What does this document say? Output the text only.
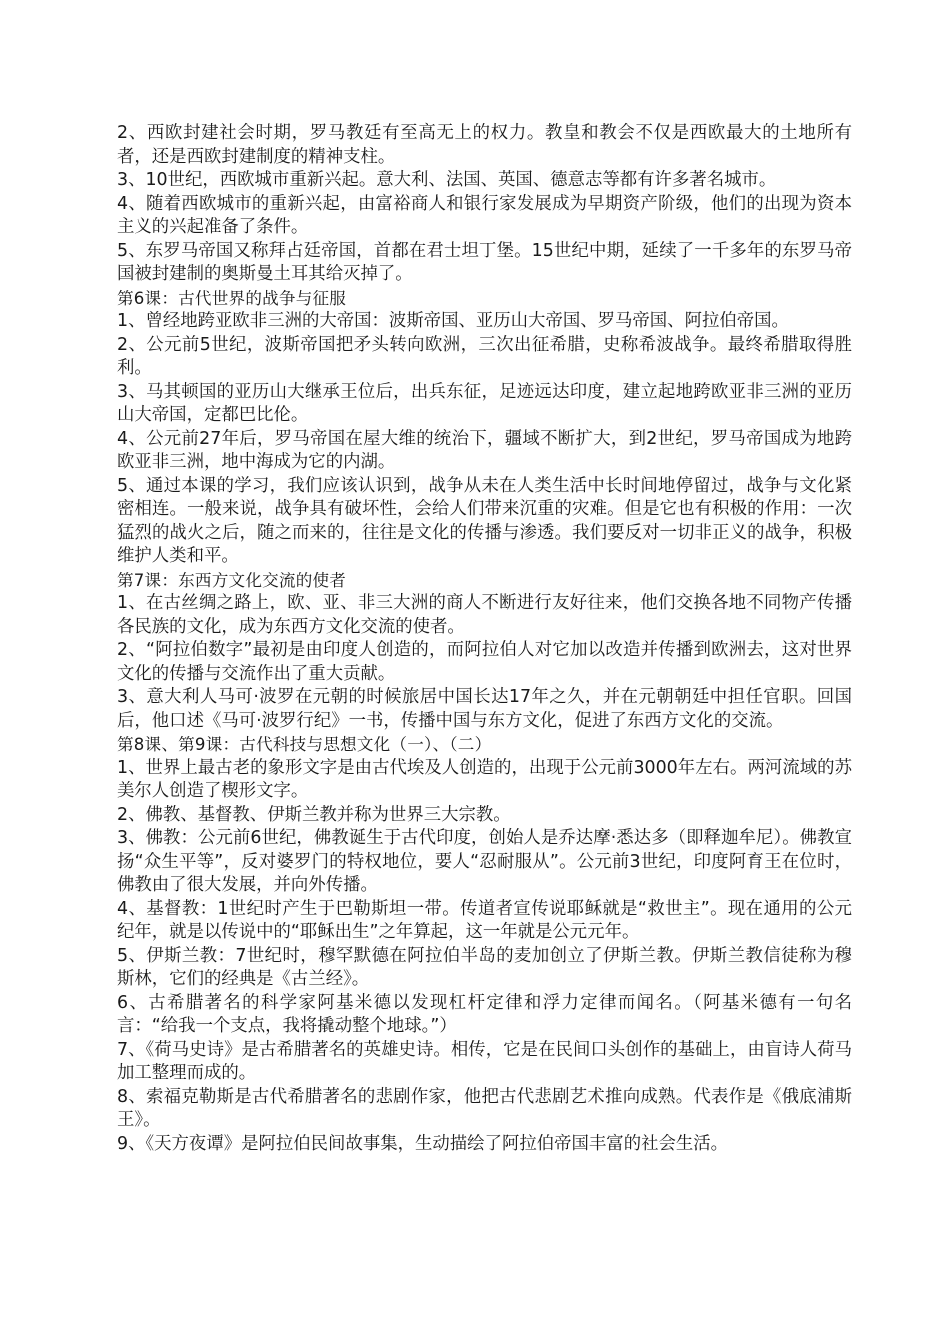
2、西欧封建社会时期，罗马教廷有至高无上的权力。教皇和教会不仅是西欧最大的土地所有者，还是西欧封建制度的精神支柱。

3、10世纪，西欧城市重新兴起。意大利、法国、英国、德意志等都有许多著名城市。

4、随着西欧城市的重新兴起，由富裕商人和银行家发展成为早期资产阶级，他们的出现为资本主义的兴起准备了条件。

5、东罗马帝国又称拜占廷帝国，首都在君士坦丁堡。15世纪中期，延续了一千多年的东罗马帝国被封建制的奥斯曼土耳其给灭掉了。

第6课：古代世界的战争与征服

1、曾经地跨亚欧非三洲的大帝国：波斯帝国、亚历山大帝国、罗马帝国、阿拉伯帝国。

2、公元前5世纪，波斯帝国把矛头转向欧洲，三次出征希腊，史称希波战争。最终希腊取得胜利。

3、马其顿国的亚历山大继承王位后，出兵东征，足迹远达印度，建立起地跨欧亚非三洲的亚历山大帝国，定都巴比伦。

4、公元前27年后，罗马帝国在屋大维的统治下，疆域不断扩大，到2世纪，罗马帝国成为地跨欧亚非三洲，地中海成为它的内湖。

5、通过本课的学习，我们应该认识到，战争从未在人类生活中长时间地停留过，战争与文化紧密相连。一般来说，战争具有破坏性，会给人们带来沉重的灾难。但是它也有积极的作用：一次猛烈的战火之后，随之而来的，往往是文化的传播与渗透。我们要反对一切非正义的战争，积极维护人类和平。

第7课：东西方文化交流的使者

1、在古丝绸之路上，欧、亚、非三大洲的商人不断进行友好往来，他们交换各地不同物产传播各民族的文化，成为东西方文化交流的使者。

2、“阿拉伯数字”最初是由印度人创造的，而阿拉伯人对它加以改造并传播到欧洲去，这对世界文化的传播与交流作出了重大贡献。

3、意大利人马可·波罗在元朝的时候旅居中国长达17年之久，并在元朝朝廷中担任官职。回国后，他口述《马可·波罗行纪》一书，传播中国与东方文化，促进了东西方文化的交流。

第8课、第9课：古代科技与思想文化（一）、（二）

1、世界上最古老的象形文字是由古代埃及人创造的，出现于公元前3000年左右。两河流域的苏美尔人创造了楔形文字。

2、佛教、基督教、伊斯兰教并称为世界三大宗教。

3、佛教：公元前6世纪，佛教诞生于古代印度，创始人是乔达摩·悉达多（即释迦牟尼）。佛教宣扬“众生平等”，反对婆罗门的特权地位，要人“忍耐服从”。公元前3世纪，印度阿育王在位时，佛教由了很大发展，并向外传播。

4、基督教：1世纪时产生于巴勒斯坦一带。传道者宣传说耶稣就是“救世主”。现在通用的公元纪年，就是以传说中的“耶稣出生”之年算起，这一年就是公元元年。

5、伊斯兰教：7世纪时，穆罕默德在阿拉伯半岛的麦加创立了伊斯兰教。伊斯兰教信徒称为穆斯林，它们的经典是《古兰经》。

6、古希腊著名的科学家阿基米德以发现杠杆定律和浮力定律而闻名。（阿基米德有一句名言：“给我一个支点，我将撬动整个地球。”）

7、《荷马史诗》是古希腊著名的英雄史诗。相传，它是在民间口头创作的基础上，由盲诗人荷马加工整理而成的。

8、索福克勒斯是古代希腊著名的悲剧作家，他把古代悲剧艺术推向成熟。代表作是《俄底浦斯王》。

9、《天方夜谭》是阿拉伯民间故事集，生动描绘了阿拉伯帝国丰富的社会生活。
